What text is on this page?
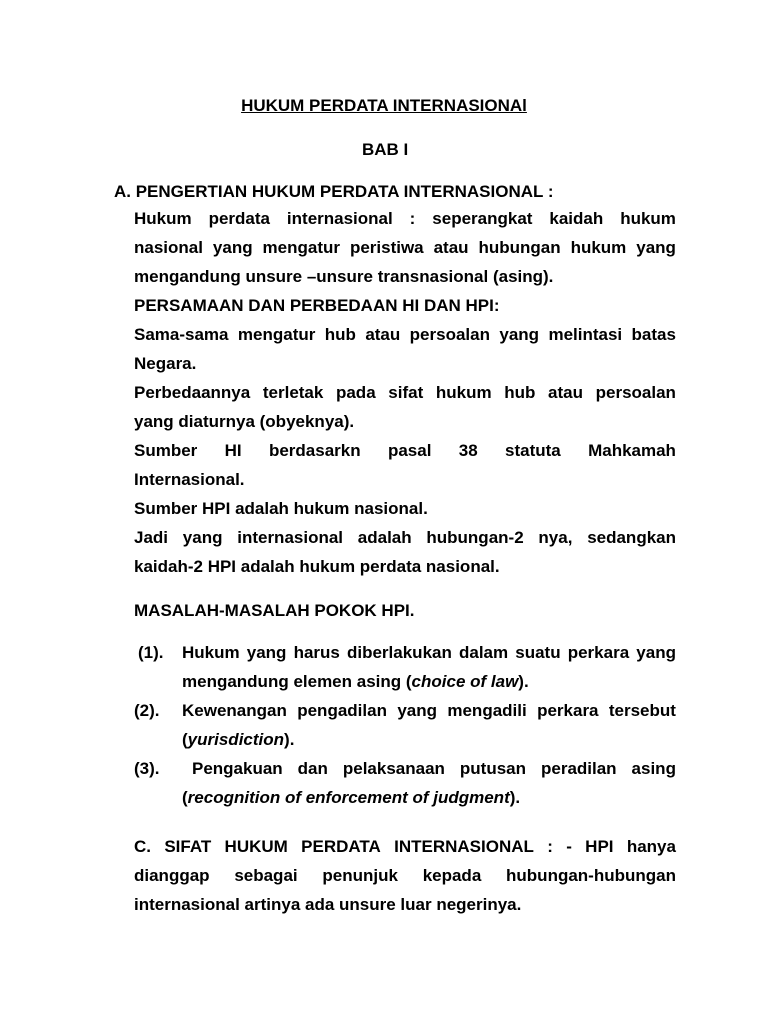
HUKUM PERDATA INTERNASIONAl
BAB I
A. PENGERTIAN HUKUM PERDATA INTERNASIONAL :
Hukum perdata internasional : seperangkat kaidah hukum
nasional yang mengatur peristiwa atau hubungan hukum yang
mengandung unsure –unsure transnasional (asing).
PERSAMAAN DAN PERBEDAAN HI DAN HPI:
Sama-sama mengatur hub atau persoalan yang melintasi batas
Negara.
Perbedaannya terletak pada sifat hukum hub atau persoalan
yang diaturnya (obyeknya).
Sumber HI berdasarkn pasal 38 statuta Mahkamah
Internasional.
Sumber HPI adalah hukum nasional.
Jadi yang internasional adalah hubungan-2 nya, sedangkan
kaidah-2 HPI adalah hukum perdata nasional.
MASALAH-MASALAH POKOK HPI.
(1). Hukum yang harus diberlakukan dalam suatu perkara yang
mengandung elemen asing (choice of law).
(2). Kewenangan pengadilan yang mengadili perkara tersebut
(yurisdiction).
(3). Pengakuan dan pelaksanaan putusan peradilan asing
(recognition of enforcement of judgment).
C. SIFAT HUKUM PERDATA INTERNASIONAL : - HPI hanya
dianggap sebagai penunjuk kepada hubungan-hubungan
internasional artinya ada unsure luar negerinya.
